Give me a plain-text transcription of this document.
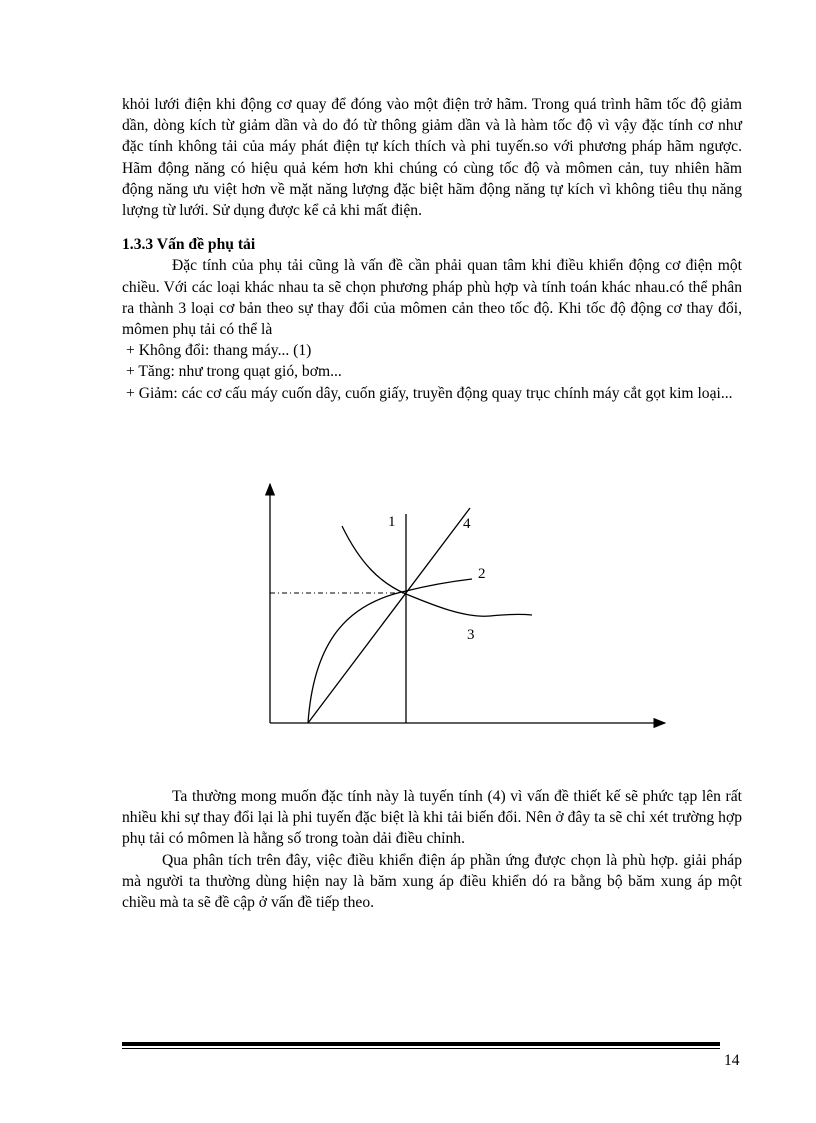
khỏi lưới điện khi động cơ quay để đóng vào một điện trở hãm. Trong quá trình hãm tốc độ giảm dần, dòng kích từ giảm dần và do đó từ thông giảm dần và là hàm tốc độ vì vậy đặc tính cơ như đặc tính không tải của máy phát điện tự kích thích và phi tuyến.so với phương pháp hãm ngược. Hãm động năng có hiệu quả kém hơn khi chúng có cùng tốc độ và mômen cản, tuy nhiên hãm động năng ưu việt hơn về mặt năng lượng đặc biệt hãm động năng tự kích vì không tiêu thụ năng lượng từ lưới. Sử dụng được kể cả khi mất điện.

1.3.3 Vấn đề phụ tải

Đặc tính của phụ tải cũng là vấn đề cần phải quan tâm khi điều khiển động cơ điện một chiều. Với các loại khác nhau ta sẽ chọn phương pháp phù hợp và tính toán khác nhau.có thể phân ra thành 3 loại cơ bản theo sự thay đổi của mômen cản theo tốc độ. Khi tốc độ động cơ thay đổi, mômen phụ tải có thể là

+ Không đổi: thang máy... (1)

+ Tăng: như trong quạt gió, bơm...

+ Giảm: các cơ cấu máy cuốn dây, cuốn giấy, truyền động quay trục chính máy cắt gọt kim loại...

1	4
2
3

Ta thường mong muốn đặc tính này là tuyến tính (4) vì vấn đề thiết kế sẽ phức tạp lên rất nhiều khi sự thay đổi lại là phi tuyến đặc biệt là khi tải biến đổi. Nên ở đây ta sẽ chỉ xét trường hợp phụ tải có mômen là hằng số trong toàn dải điều chỉnh.

Qua phân tích trên đây, việc điều khiển điện áp phần ứng được chọn là phù hợp. giải pháp mà người ta thường dùng hiện nay là băm xung áp điều khiển dó ra bằng bộ băm xung áp một chiều mà ta sẽ đề cập ở vấn đề tiếp theo.

14
